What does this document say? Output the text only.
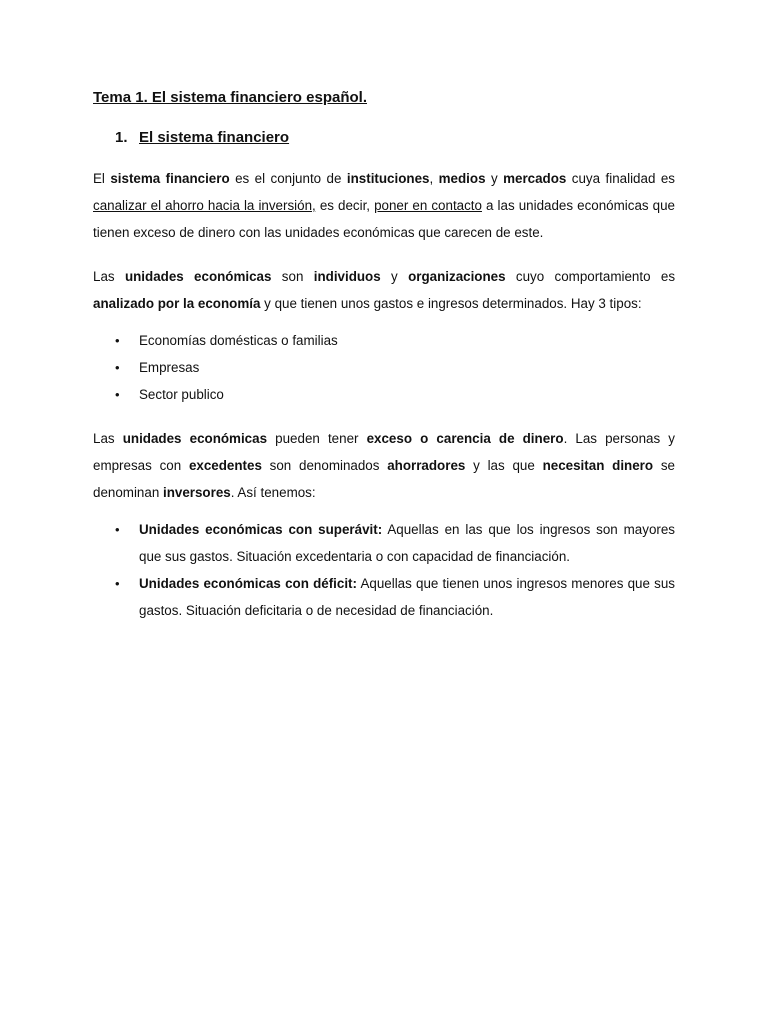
Tema 1. El sistema financiero español.
1. El sistema financiero

El sistema financiero es el conjunto de instituciones, medios y mercados cuya finalidad es canalizar el ahorro hacia la inversión, es decir, poner en contacto a las unidades económicas que tienen exceso de dinero con las unidades económicas que carecen de este.

Las unidades económicas son individuos y organizaciones cuyo comportamiento es analizado por la economía y que tienen unos gastos e ingresos determinados. Hay 3 tipos:

• Economías domésticas o familias
• Empresas
• Sector publico

Las unidades económicas pueden tener exceso o carencia de dinero. Las personas y empresas con excedentes son denominados ahorradores y las que necesitan dinero se denominan inversores. Así tenemos:

• Unidades económicas con superávit: Aquellas en las que los ingresos son mayores que sus gastos. Situación excedentaria o con capacidad de financiación.
• Unidades económicas con déficit: Aquellas que tienen unos ingresos menores que sus gastos. Situación deficitaria o de necesidad de financiación.
